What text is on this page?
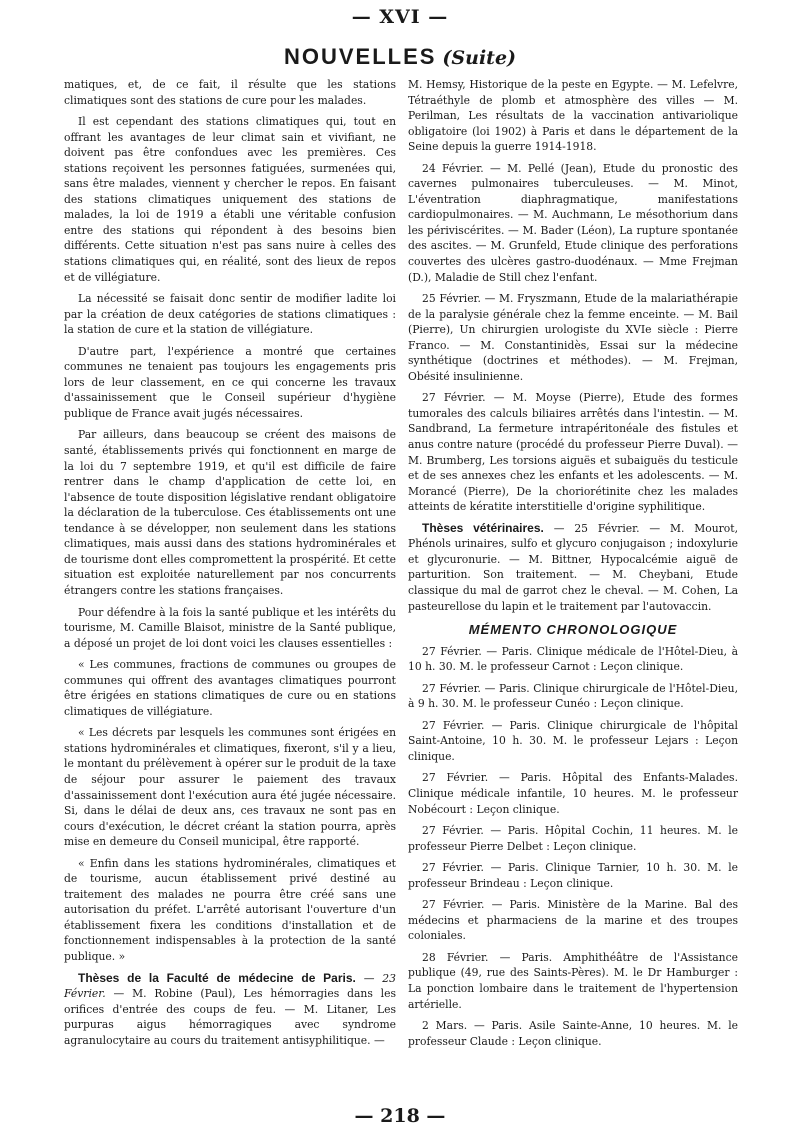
— XVI —
NOUVELLES (Suite)

matiques, et, de ce fait, il résulte que les stations climatiques sont des stations de cure pour les malades.

Il est cependant des stations climatiques qui, tout en offrant les avantages de leur climat sain et vivifiant, ne doivent pas être confondues avec les premières. Ces stations reçoivent les personnes fatiguées, surmenées qui, sans être malades, viennent y chercher le repos. En faisant des stations climatiques uniquement des stations de malades, la loi de 1919 a établi une véritable confusion entre des stations qui répondent à des besoins bien différents. Cette situation n'est pas sans nuire à celles des stations climatiques qui, en réalité, sont des lieux de repos et de villégiature.

La nécessité se faisait donc sentir de modifier ladite loi par la création de deux catégories de stations climatiques : la station de cure et la station de villégiature.

D'autre part, l'expérience a montré que certaines communes ne tenaient pas toujours les engagements pris lors de leur classement, en ce qui concerne les travaux d'assainissement que le Conseil supérieur d'hygiène publique de France avait jugés nécessaires.

Par ailleurs, dans beaucoup se créent des maisons de santé, établissements privés qui fonctionnent en marge de la loi du 7 septembre 1919, et qu'il est difficile de faire rentrer dans le champ d'application de cette loi, en l'absence de toute disposition législative rendant obligatoire la déclaration de la tuberculose. Ces établissements ont une tendance à se développer, non seulement dans les stations climatiques, mais aussi dans des stations hydrominérales et de tourisme dont elles compromettent la prospérité. Et cette situation est exploitée naturellement par nos concurrents étrangers contre les stations françaises.

Pour défendre à la fois la santé publique et les intérêts du tourisme, M. Camille Blaisot, ministre de la Santé publique, a déposé un projet de loi dont voici les clauses essentielles :

« Les communes, fractions de communes ou groupes de communes qui offrent des avantages climatiques pourront être érigées en stations climatiques de cure ou en stations climatiques de villégiature.

« Les décrets par lesquels les communes sont érigées en stations hydrominérales et climatiques, fixeront, s'il y a lieu, le montant du prélèvement à opérer sur le produit de la taxe de séjour pour assurer le paiement des travaux d'assainissement dont l'exécution aura été jugée nécessaire. Si, dans le délai de deux ans, ces travaux ne sont pas en cours d'exécution, le décret créant la station pourra, après mise en demeure du Conseil municipal, être rapporté.

« Enfin dans les stations hydrominérales, climatiques et de tourisme, aucun établissement privé destiné au traitement des malades ne pourra être créé sans une autorisation du préfet. L'arrêté autorisant l'ouverture d'un établissement fixera les conditions d'installation et de fonctionnement indispensables à la protection de la santé publique. »

Thèses de la Faculté de médecine de Paris. — 23 Février. — M. Robine (Paul), Les hémorragies dans les orifices d'entrée des coups de feu. — M. Litaner, Les purpuras aigus hémorragiques avec syndrome agranulocytaire au cours du traitement antisyphilitique. —

M. Hemsy, Historique de la peste en Egypte. — M. Lefelvre, Tétraéthyle de plomb et atmosphère des villes — M. Perilman, Les résultats de la vaccination antivariolique obligatoire (loi 1902) à Paris et dans le département de la Seine depuis la guerre 1914-1918.

24 Février. — M. Pellé (Jean), Etude du pronostic des cavernes pulmonaires tuberculeuses. — M. Minot, L'éventration diaphragmatique, manifestations cardiopulmonaires. — M. Auchmann, Le mésothorium dans les périviscérites. — M. Bader (Léon), La rupture spontanée des ascites. — M. Grunfeld, Etude clinique des perforations couvertes des ulcères gastro-duodénaux. — Mme Frejman (D.), Maladie de Still chez l'enfant.

25 Février. — M. Fryszmann, Etude de la malariathérapie de la paralysie générale chez la femme enceinte. — M. Bail (Pierre), Un chirurgien urologiste du XVIe siècle : Pierre Franco. — M. Constantinidès, Essai sur la médecine synthétique (doctrines et méthodes). — M. Frejman, Obésité insulinienne.

27 Février. — M. Moyse (Pierre), Etude des formes tumorales des calculs biliaires arrêtés dans l'intestin. — M. Sandbrand, La fermeture intrapéritonéale des fistules et anus contre nature (procédé du professeur Pierre Duval). — M. Brumberg, Les torsions aiguës et subaiguës du testicule et de ses annexes chez les enfants et les adolescents. — M. Morancé (Pierre), De la choriorétinite chez les malades atteints de kératite interstitielle d'origine syphilitique.

Thèses vétérinaires. — 25 Février. — M. Mourot, Phénols urinaires, sulfo et glycuro conjugaison ; indoxylurie et glycuronurie. — M. Bittner, Hypocalcémie aiguë de parturition. Son traitement. — M. Cheybani, Etude classique du mal de garrot chez le cheval. — M. Cohen, La pasteurellose du lapin et le traitement par l'autovaccin.

MÉMENTO CHRONOLOGIQUE

27 Février. — Paris. Clinique médicale de l'Hôtel-Dieu, à 10 h. 30. M. le professeur Carnot : Leçon clinique.

27 Février. — Paris. Clinique chirurgicale de l'Hôtel-Dieu, à 9 h. 30. M. le professeur Cunéo : Leçon clinique.

27 Février. — Paris. Clinique chirurgicale de l'hôpital Saint-Antoine, 10 h. 30. M. le professeur Lejars : Leçon clinique.

27 Février. — Paris. Hôpital des Enfants-Malades. Clinique médicale infantile, 10 heures. M. le professeur Nobécourt : Leçon clinique.

27 Février. — Paris. Hôpital Cochin, 11 heures. M. le professeur Pierre Delbet : Leçon clinique.

27 Février. — Paris. Clinique Tarnier, 10 h. 30. M. le professeur Brindeau : Leçon clinique.

27 Février. — Paris. Ministère de la Marine. Bal des médecins et pharmaciens de la marine et des troupes coloniales.

28 Février. — Paris. Amphithéâtre de l'Assistance publique (49, rue des Saints-Pères). M. le Dr Hamburger : La ponction lombaire dans le traitement de l'hypertension artérielle.

2 Mars. — Paris. Asile Sainte-Anne, 10 heures. M. le professeur Claude : Leçon clinique.

— 218 —
